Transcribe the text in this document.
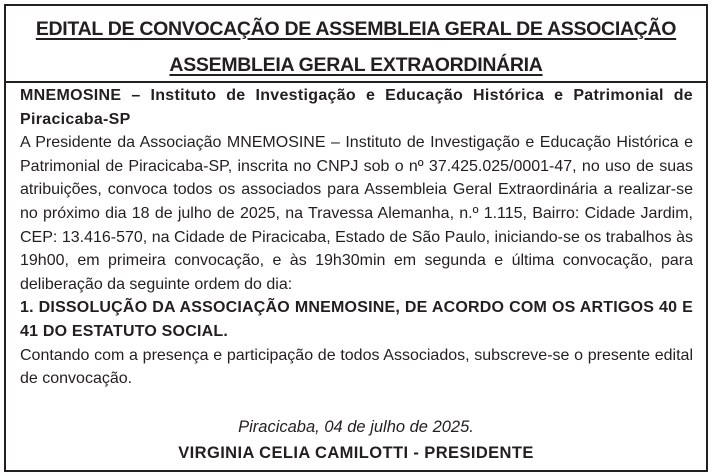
EDITAL DE CONVOCAÇÃO DE ASSEMBLEIA GERAL DE ASSOCIAÇÃO
ASSEMBLEIA GERAL EXTRAORDINÁRIA

MNEMOSINE – Instituto de Investigação e Educação Histórica e Patrimonial de Piracicaba-SP

A Presidente da Associação MNEMOSINE – Instituto de Investigação e Educação Histórica e Patrimonial de Piracicaba-SP, inscrita no CNPJ sob o nº 37.425.025/0001-47, no uso de suas atribuições, convoca todos os associados para Assembleia Geral Extraordinária a realizar-se no próximo dia 18 de julho de 2025, na Travessa Alemanha, n.º 1.115, Bairro: Cidade Jardim, CEP: 13.416-570, na Cidade de Piracicaba, Estado de São Paulo, iniciando-se os trabalhos às 19h00, em primeira convocação, e às 19h30min em segunda e última convocação, para deliberação da seguinte ordem do dia:

1. DISSOLUÇÃO DA ASSOCIAÇÃO MNEMOSINE, DE ACORDO COM OS ARTIGOS 40 E 41 DO ESTATUTO SOCIAL.

Contando com a presença e participação de todos Associados, subscreve-se o presente edital de convocação.

Piracicaba, 04 de julho de 2025.
VIRGINIA CELIA CAMILOTTI - PRESIDENTE
